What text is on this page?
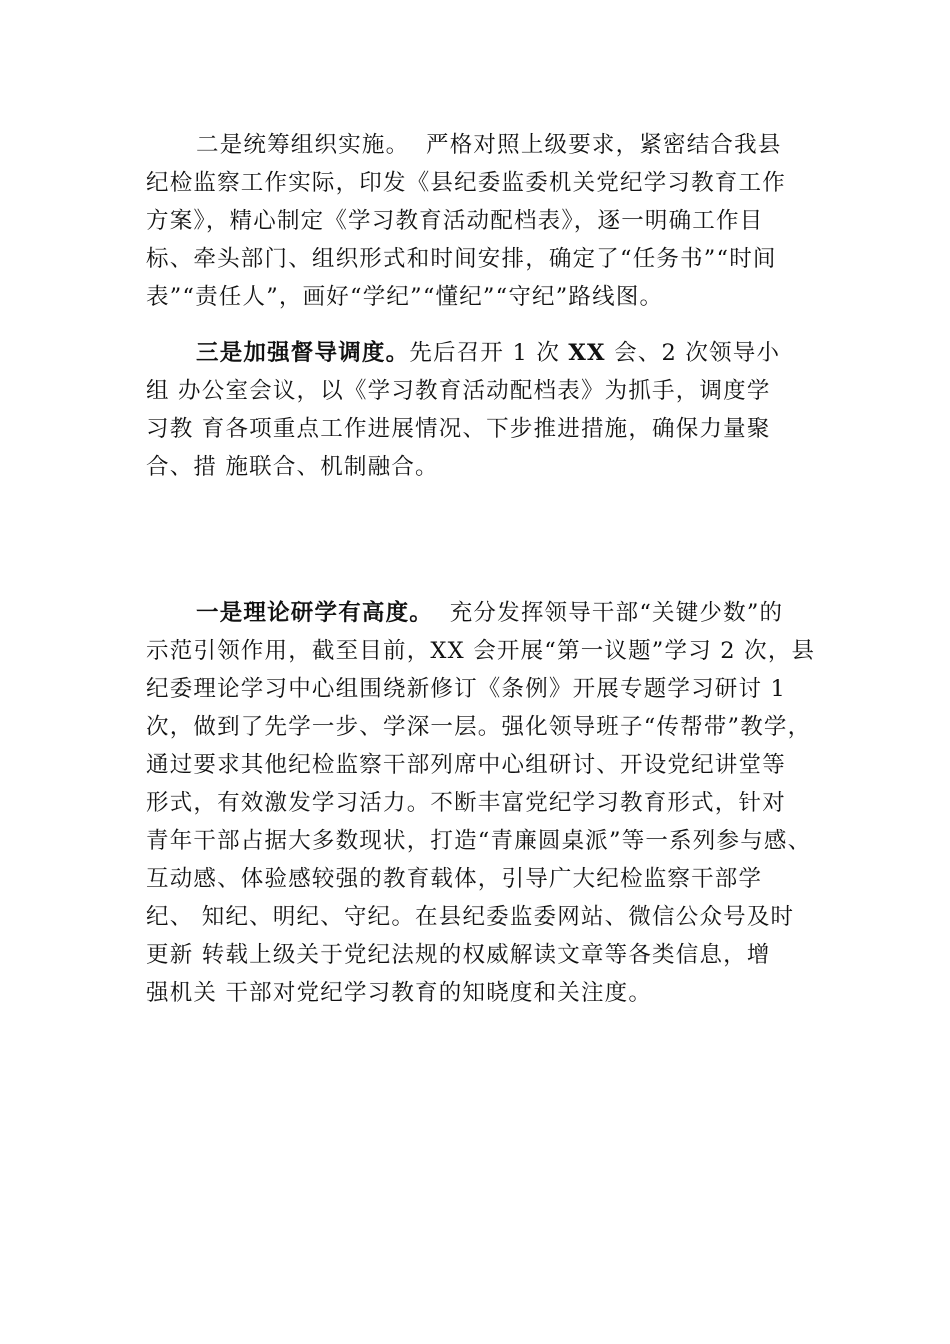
二是统筹组织实施。 严格对照上级要求，紧密结合我县
纪检监察工作实际，印发《县纪委监委机关党纪学习教育工作
方案》，精心制定《学习教育活动配档表》，逐一明确工作目
标、牵头部门、组织形式和时间安排，确定了“任务书”“时间
表”“责任人”，画好“学纪”“懂纪”“守纪”路线图。
三是加强督导调度。先后召开 1 次 XX 会、2 次领导小
组 办公室会议，以《学习教育活动配档表》为抓手，调度学
习教 育各项重点工作进展情况、下步推进措施，确保力量聚
合、措 施联合、机制融合。
一是理论研学有高度。 充分发挥领导干部“关键少数”的
示范引领作用，截至目前，XX 会开展“第一议题”学习 2 次，县
纪委理论学习中心组围绕新修订《条例》开展专题学习研讨 1
次，做到了先学一步、学深一层。强化领导班子“传帮带”教学，
通过要求其他纪检监察干部列席中心组研讨、开设党纪讲堂等
形式，有效激发学习活力。不断丰富党纪学习教育形式，针对
青年干部占据大多数现状，打造“青廉圆桌派”等一系列参与感、
互动感、体验感较强的教育载体，引导广大纪检监察干部学
纪、 知纪、明纪、守纪。在县纪委监委网站、微信公众号及时
更新 转载上级关于党纪法规的权威解读文章等各类信息，增
强机关 干部对党纪学习教育的知晓度和关注度。
